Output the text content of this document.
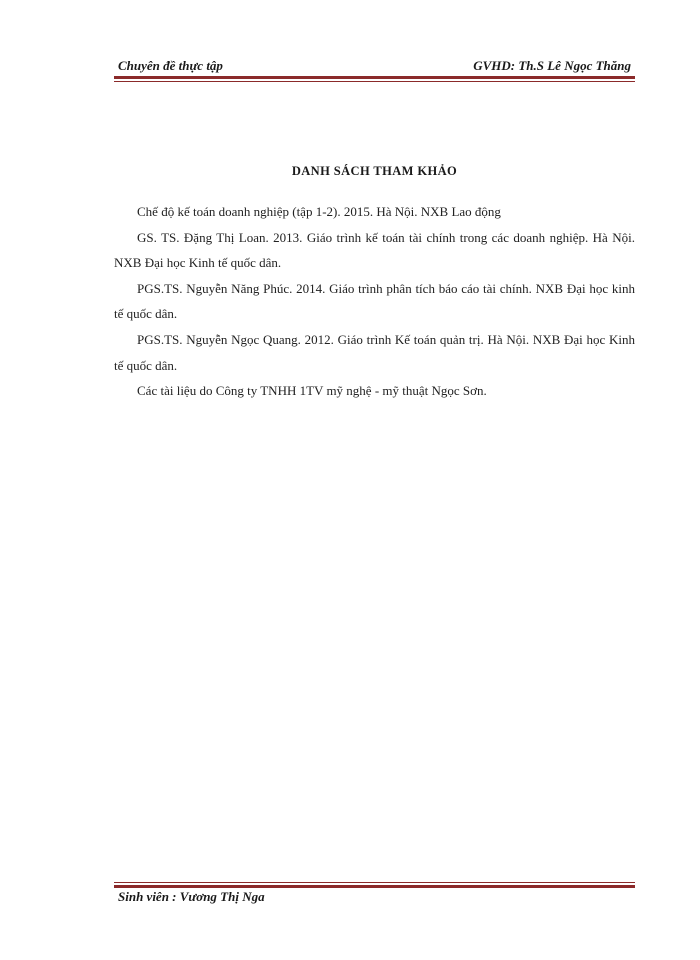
Chuyên đề thực tập	GVHD: Th.S Lê Ngọc Thăng
DANH SÁCH THAM KHẢO

Chế độ kế toán doanh nghiệp (tập 1-2). 2015. Hà Nội. NXB Lao động

GS. TS. Đặng Thị Loan. 2013. Giáo trình kế toán tài chính trong các doanh nghiệp. Hà Nội. NXB Đại học Kinh tế quốc dân.

PGS.TS. Nguyễn Năng Phúc. 2014. Giáo trình phân tích báo cáo tài chính. NXB Đại học kinh tế quốc dân.

PGS.TS. Nguyễn Ngọc Quang. 2012. Giáo trình Kế toán quản trị. Hà Nội. NXB Đại học Kinh tế quốc dân.

Các tài liệu do Công ty TNHH 1TV mỹ nghệ - mỹ thuật Ngọc Sơn.

Sinh viên : Vương Thị Nga
